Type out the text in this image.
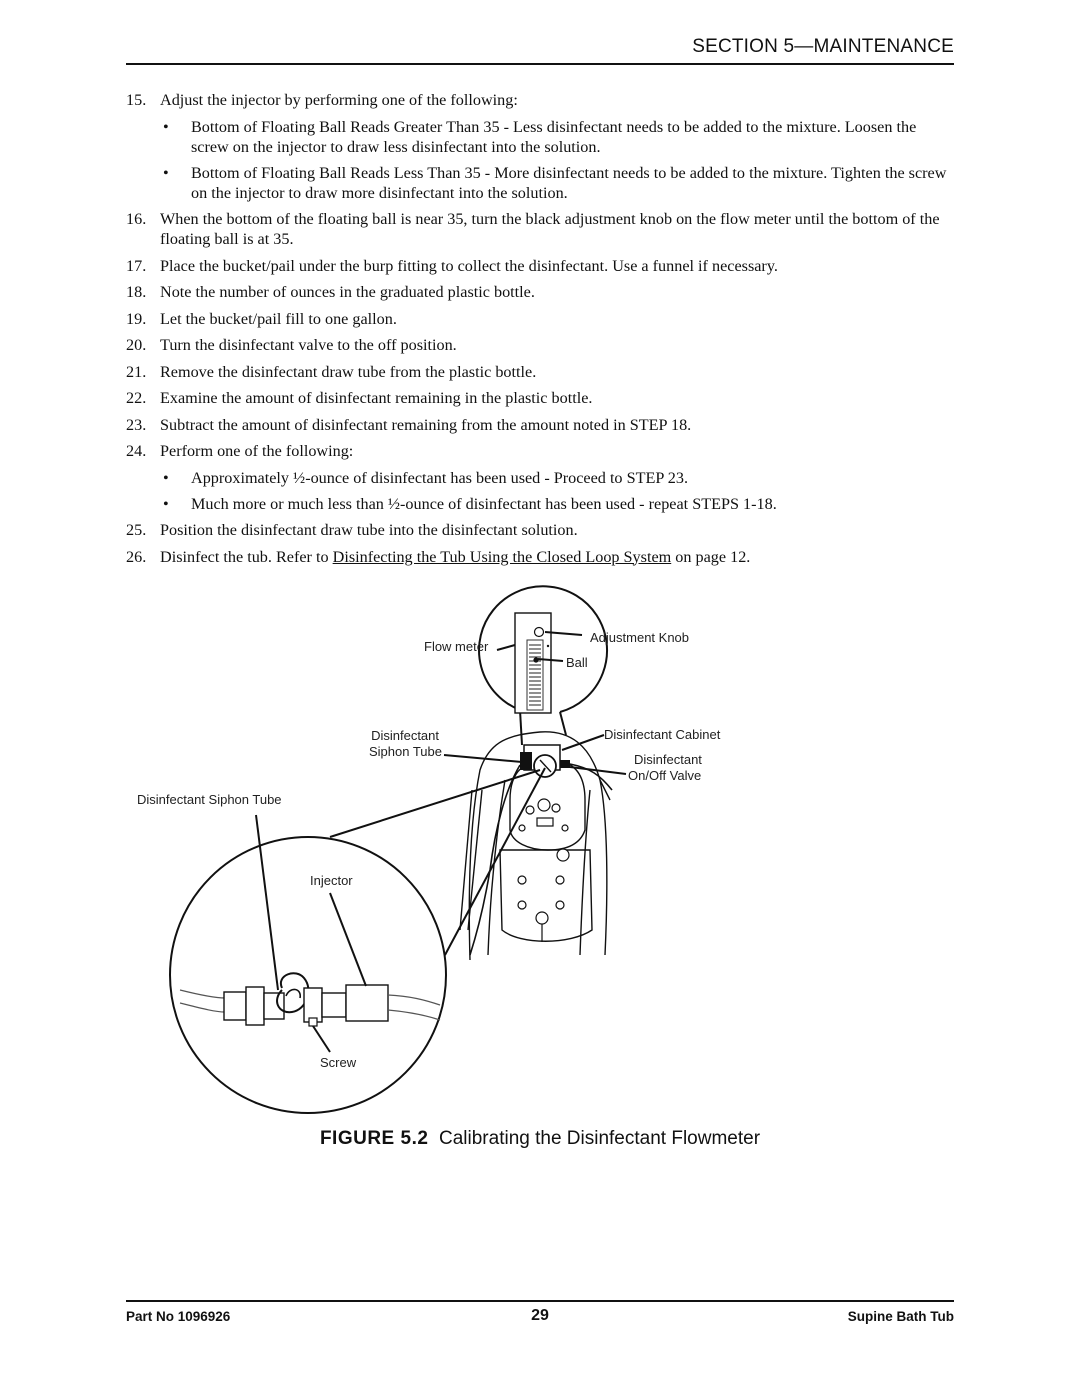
SECTION 5—MAINTENANCE
15. Adjust the injector by performing one of the following:
•	Bottom of Floating Ball Reads Greater Than 35 - Less disinfectant needs to be added to the mixture. Loosen the screw on the injector to draw less disinfectant into the solution.
•	Bottom of Floating Ball Reads Less Than 35 - More disinfectant needs to be added to the mixture. Tighten the screw on the injector to draw more disinfectant into the solution.
16. When the bottom of the floating ball is near 35, turn the black adjustment knob on the flow meter until the bottom of the floating ball is at 35.
17. Place the bucket/pail under the burp fitting to collect the disinfectant. Use a funnel if necessary.
18. Note the number of ounces in the graduated plastic bottle.
19. Let the bucket/pail fill to one gallon.
20. Turn the disinfectant valve to the off position.
21. Remove the disinfectant draw tube from the plastic bottle.
22. Examine the amount of disinfectant remaining in the plastic bottle.
23. Subtract the amount of disinfectant remaining from the amount noted in STEP 18.
24. Perform one of the following:
•	Approximately ½-ounce of disinfectant has been used - Proceed to STEP 23.
•	Much more or much less than ½-ounce of disinfectant has been used - repeat STEPS 1-18.
25. Position the disinfectant draw tube into the disinfectant solution.
26. Disinfect the tub. Refer to Disinfecting the Tub Using the Closed Loop System on page 12.
Flow meter
Adjustment Knob
Ball
Disinfectant
Siphon Tube
Disinfectant Cabinet
Disinfectant
On/Off Valve
Disinfectant Siphon Tube
Injector
Screw
FIGURE 5.2 Calibrating the Disinfectant Flowmeter
Part No 1096926	29	Supine Bath Tub
